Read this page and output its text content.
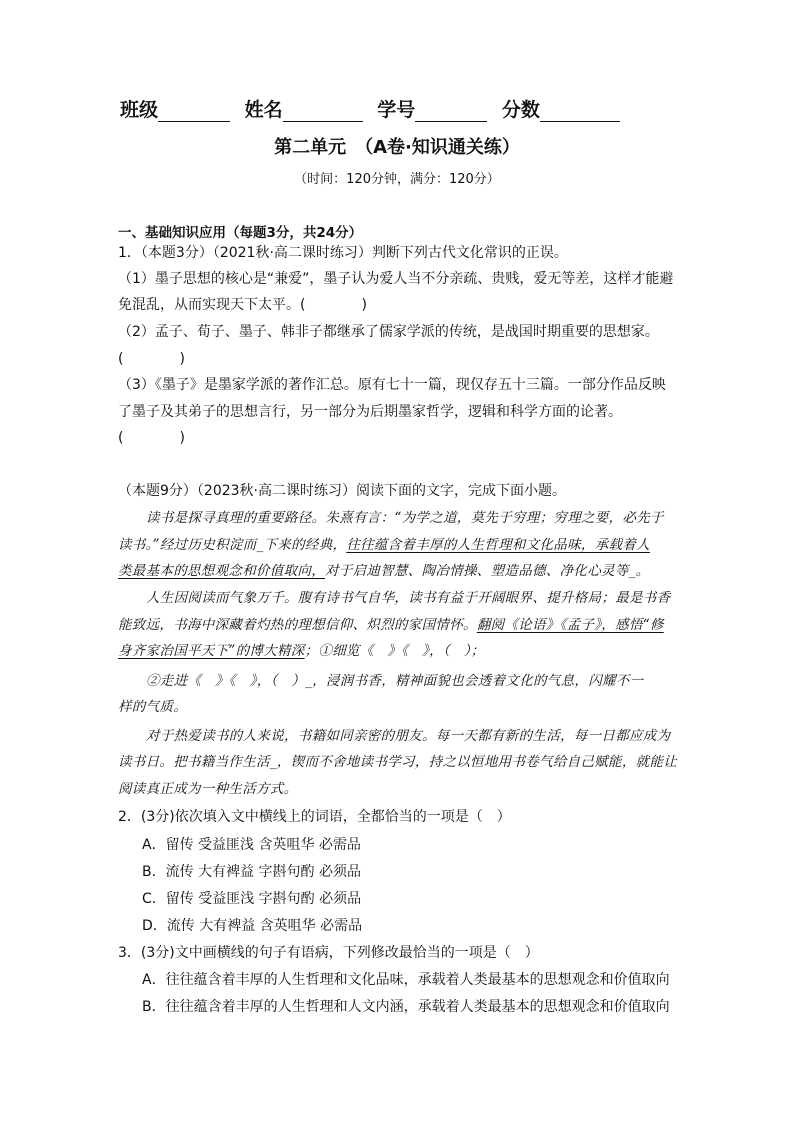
班级	姓名	学号	分数
第二单元　（A卷·知识通关练）
（时间：120分钟，满分：120分）
一、基础知识应用（每题3分，共24分）
1．（本题3分）（2021秋·高二课时练习）判断下列古代文化常识的正误。
（1）墨子思想的核心是“兼爱”，墨子认为爱人当不分亲疏、贵贱，爱无等差，这样才能避
免混乱，从而实现天下太平。(　　　　)
（2）孟子、荀子、墨子、韩非子都继承了儒家学派的传统，是战国时期重要的思想家。
(　　　　)
（3）《墨子》是墨家学派的著作汇总。原有七十一篇，现仅存五十三篇。一部分作品反映
了墨子及其弟子的思想言行，另一部分为后期墨家哲学，逻辑和科学方面的论著。
(　　　　)
（本题9分）（2023秋·高二课时练习）阅读下面的文字，完成下面小题。
读书是探寻真理的重要路径。朱熹有言：“为学之道，莫先于穷理；穷理之要，必先于
读书。”经过历史积淀而_下来的经典，往往蕴含着丰厚的人生哲理和文化品味，承载着人
类最基本的思想观念和价值取向，对于启迪智慧、陶冶情操、塑造品德、净化心灵等_。
人生因阅读而气象万千。腹有诗书气自华，读书有益于开阔眼界、提升格局；最是书香
能致远，书海中深藏着灼热的理想信仰、炽烈的家国情怀。翻阅《论语》《孟子》，感悟“修
身齐家治国平天下”的博大精深；①细览《　》《　》，（　）；
②走进《　》《　》，（　）_，浸润书香，精神面貌也会透着文化的气息，闪耀不一
样的气质。
对于热爱读书的人来说，书籍如同亲密的朋友。每一天都有新的生活，每一日都应成为
读书日。把书籍当作生活_，锲而不舍地读书学习，持之以恒地用书卷气给自己赋能，就能让
阅读真正成为一种生活方式。
2．(3分)依次填入文中横线上的词语，全都恰当的一项是（　）
A．留传 受益匪浅 含英咀华 必需品
B．流传 大有裨益 字斟句酌 必须品
C．留传 受益匪浅 字斟句酌 必须品
D．流传 大有裨益 含英咀华 必需品
3．(3分)文中画横线的句子有语病，下列修改最恰当的一项是（　）
A．往往蕴含着丰厚的人生哲理和文化品味，承载着人类最基本的思想观念和价值取向
B．往往蕴含着丰厚的人生哲理和人文内涵，承载着人类最基本的思想观念和价值取向
